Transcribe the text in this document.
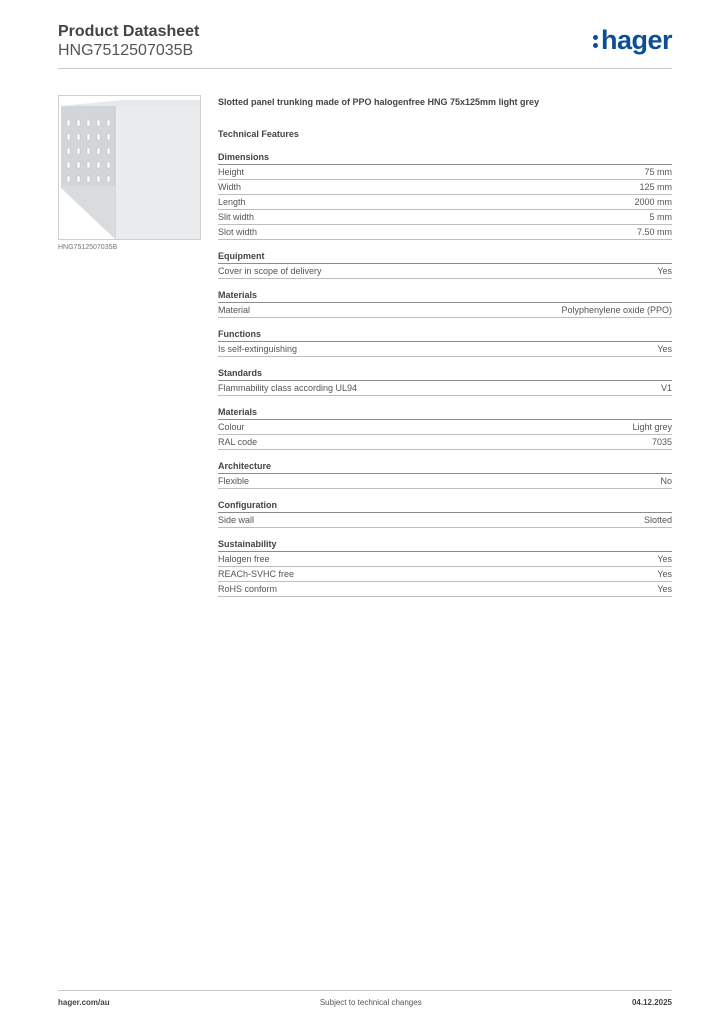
Product Datasheet
HNG7512507035B	hager
HNG7512507035B
Slotted panel trunking made of PPO halogenfree HNG 75x125mm light grey
Technical Features
Dimensions
Height	75 mm
Width	125 mm
Length	2000 mm
Slit width	5 mm
Slot width	7.50 mm
Equipment
Cover in scope of delivery	Yes
Materials
Material	Polyphenylene oxide (PPO)
Functions
Is self-extinguishing	Yes
Standards
Flammability class according UL94	V1
Materials
Colour	Light grey
RAL code	7035
Architecture
Flexible	No
Configuration
Side wall	Slotted
Sustainability
Halogen free	Yes
REACh-SVHC free	Yes
RoHS conform	Yes
hager.com/au	Subject to technical changes	04.12.2025
